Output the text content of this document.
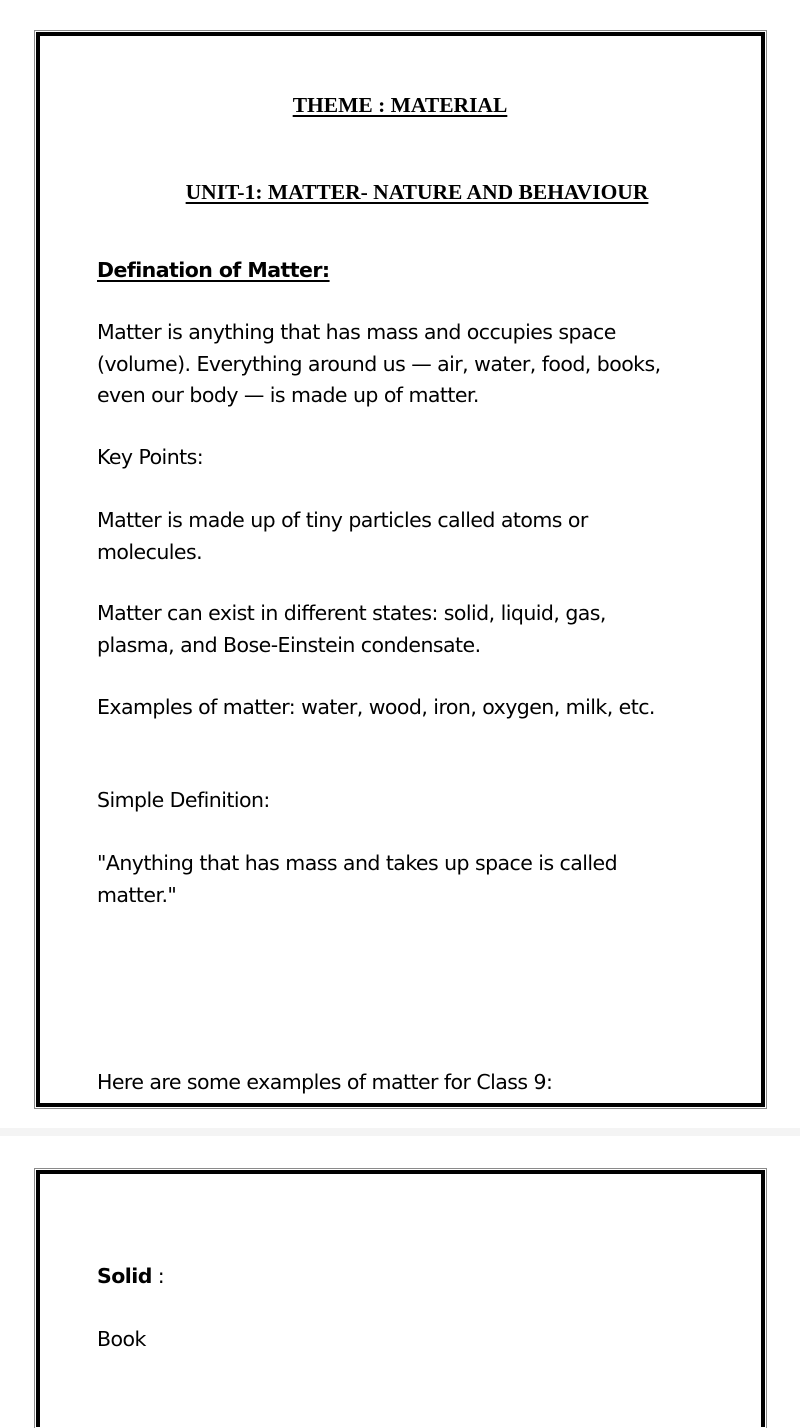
THEME : MATERIAL
UNIT-1: MATTER- NATURE AND BEHAVIOUR
Defination of Matter:
Matter is anything that has mass and occupies space
(volume). Everything around us — air, water, food, books,
even our body — is made up of matter.
Key Points:
Matter is made up of tiny particles called atoms or
molecules.
Matter can exist in different states: solid, liquid, gas,
plasma, and Bose-Einstein condensate.
Examples of matter: water, wood, iron, oxygen, milk, etc.
Simple Definition:
"Anything that has mass and takes up space is called
matter."
Here are some examples of matter for Class 9:
Solid :
Book
